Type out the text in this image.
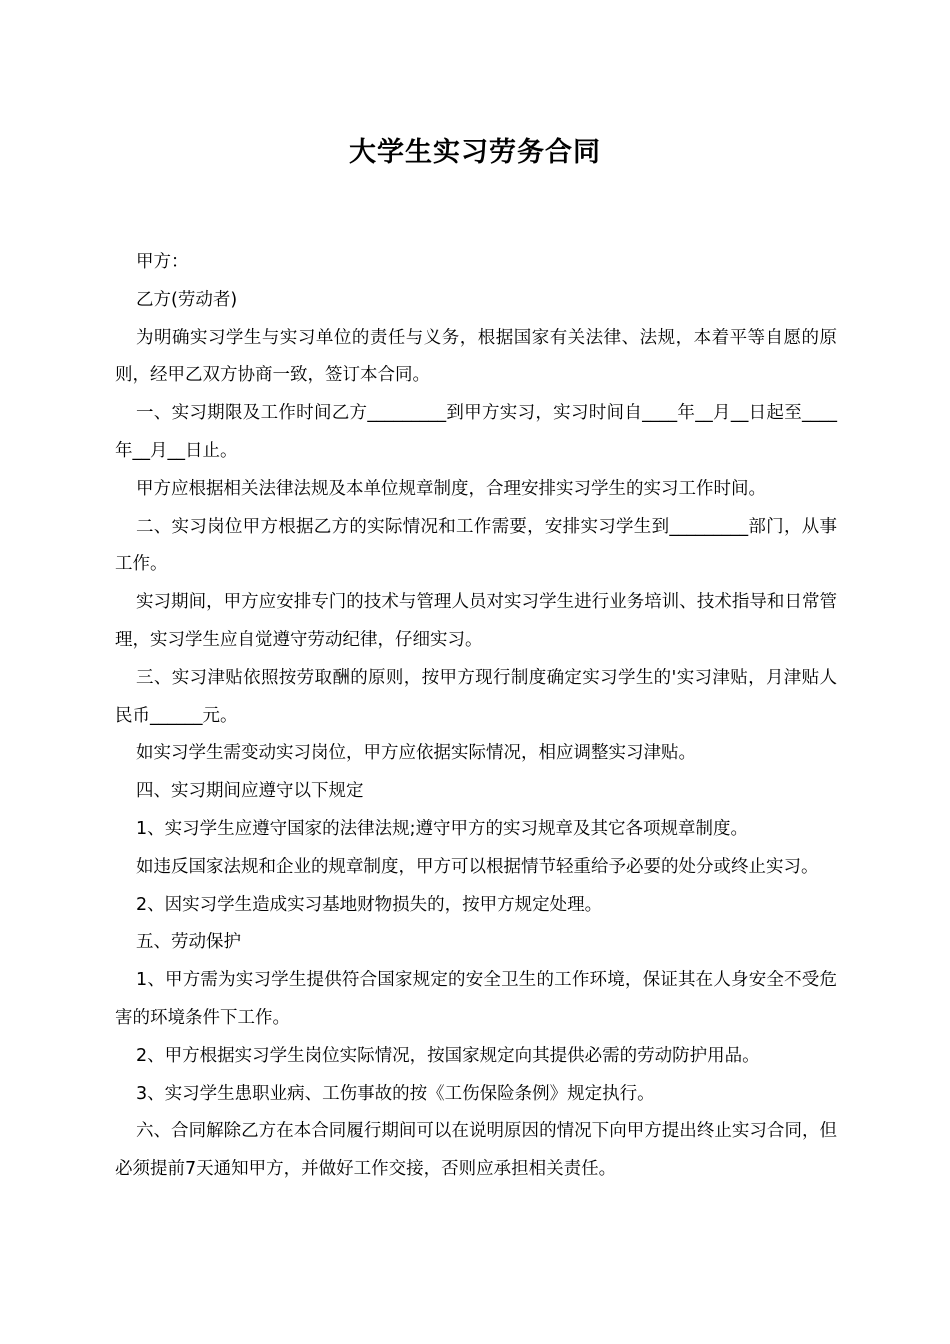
大学生实习劳务合同

甲方：

乙方(劳动者)

为明确实习学生与实习单位的责任与义务，根据国家有关法律、法规，本着平等自愿的原则，经甲乙双方协商一致，签订本合同。

一、实习期限及工作时间乙方_________到甲方实习，实习时间自____年__月__日起至____年__月__日止。

甲方应根据相关法律法规及本单位规章制度，合理安排实习学生的实习工作时间。

二、实习岗位甲方根据乙方的实际情况和工作需要，安排实习学生到_________部门，从事工作。

实习期间，甲方应安排专门的技术与管理人员对实习学生进行业务培训、技术指导和日常管理，实习学生应自觉遵守劳动纪律，仔细实习。

三、实习津贴依照按劳取酬的原则，按甲方现行制度确定实习学生的'实习津贴，月津贴人民币______元。

如实习学生需变动实习岗位，甲方应依据实际情况，相应调整实习津贴。

四、实习期间应遵守以下规定

1、实习学生应遵守国家的法律法规;遵守甲方的实习规章及其它各项规章制度。

如违反国家法规和企业的规章制度，甲方可以根据情节轻重给予必要的处分或终止实习。

2、因实习学生造成实习基地财物损失的，按甲方规定处理。

五、劳动保护

1、甲方需为实习学生提供符合国家规定的安全卫生的工作环境，保证其在人身安全不受危害的环境条件下工作。

2、甲方根据实习学生岗位实际情况，按国家规定向其提供必需的劳动防护用品。

3、实习学生患职业病、工伤事故的按《工伤保险条例》规定执行。

六、合同解除乙方在本合同履行期间可以在说明原因的情况下向甲方提出终止实习合同，但必须提前7天通知甲方，并做好工作交接，否则应承担相关责任。
